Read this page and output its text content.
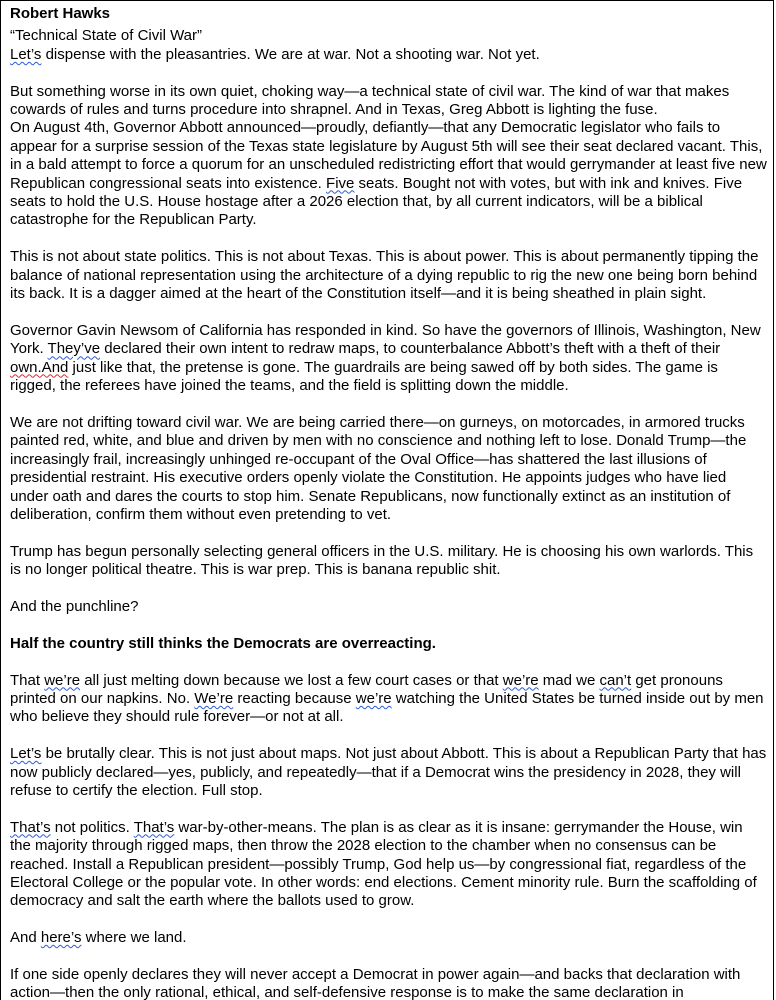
Robert Hawks

“Technical State of Civil War”

Let’s dispense with the pleasantries. We are at war. Not a shooting war. Not yet.

But something worse in its own quiet, choking way—a technical state of civil war. The kind of war that makes cowards of rules and turns procedure into shrapnel. And in Texas, Greg Abbott is lighting the fuse.

On August 4th, Governor Abbott announced—proudly, defiantly—that any Democratic legislator who fails to appear for a surprise session of the Texas state legislature by August 5th will see their seat declared vacant. This, in a bald attempt to force a quorum for an unscheduled redistricting effort that would gerrymander at least five new Republican congressional seats into existence. Five seats. Bought not with votes, but with ink and knives. Five seats to hold the U.S. House hostage after a 2026 election that, by all current indicators, will be a biblical catastrophe for the Republican Party.

This is not about state politics. This is not about Texas. This is about power. This is about permanently tipping the balance of national representation using the architecture of a dying republic to rig the new one being born behind its back. It is a dagger aimed at the heart of the Constitution itself—and it is being sheathed in plain sight.

Governor Gavin Newsom of California has responded in kind. So have the governors of Illinois, Washington, New York. They’ve declared their own intent to redraw maps, to counterbalance Abbott’s theft with a theft of their own.And just like that, the pretense is gone. The guardrails are being sawed off by both sides. The game is rigged, the referees have joined the teams, and the field is splitting down the middle.

We are not drifting toward civil war. We are being carried there—on gurneys, on motorcades, in armored trucks painted red, white, and blue and driven by men with no conscience and nothing left to lose. Donald Trump—the increasingly frail, increasingly unhinged re-occupant of the Oval Office—has shattered the last illusions of presidential restraint. His executive orders openly violate the Constitution. He appoints judges who have lied under oath and dares the courts to stop him. Senate Republicans, now functionally extinct as an institution of deliberation, confirm them without even pretending to vet.

Trump has begun personally selecting general officers in the U.S. military. He is choosing his own warlords. This is no longer political theatre. This is war prep. This is banana republic shit.

And the punchline?

Half the country still thinks the Democrats are overreacting.

That we’re all just melting down because we lost a few court cases or that we’re mad we can’t get pronouns printed on our napkins. No. We’re reacting because we’re watching the United States be turned inside out by men who believe they should rule forever—or not at all.

Let’s be brutally clear. This is not just about maps. Not just about Abbott. This is about a Republican Party that has now publicly declared—yes, publicly, and repeatedly—that if a Democrat wins the presidency in 2028, they will refuse to certify the election. Full stop.

That’s not politics. That’s war-by-other-means. The plan is as clear as it is insane: gerrymander the House, win the majority through rigged maps, then throw the 2028 election to the chamber when no consensus can be reached. Install a Republican president—possibly Trump, God help us—by congressional fiat, regardless of the Electoral College or the popular vote. In other words: end elections. Cement minority rule. Burn the scaffolding of democracy and salt the earth where the ballots used to grow.

And here’s where we land.

If one side openly declares they will never accept a Democrat in power again—and backs that declaration with action—then the only rational, ethical, and self-defensive response is to make the same declaration in
